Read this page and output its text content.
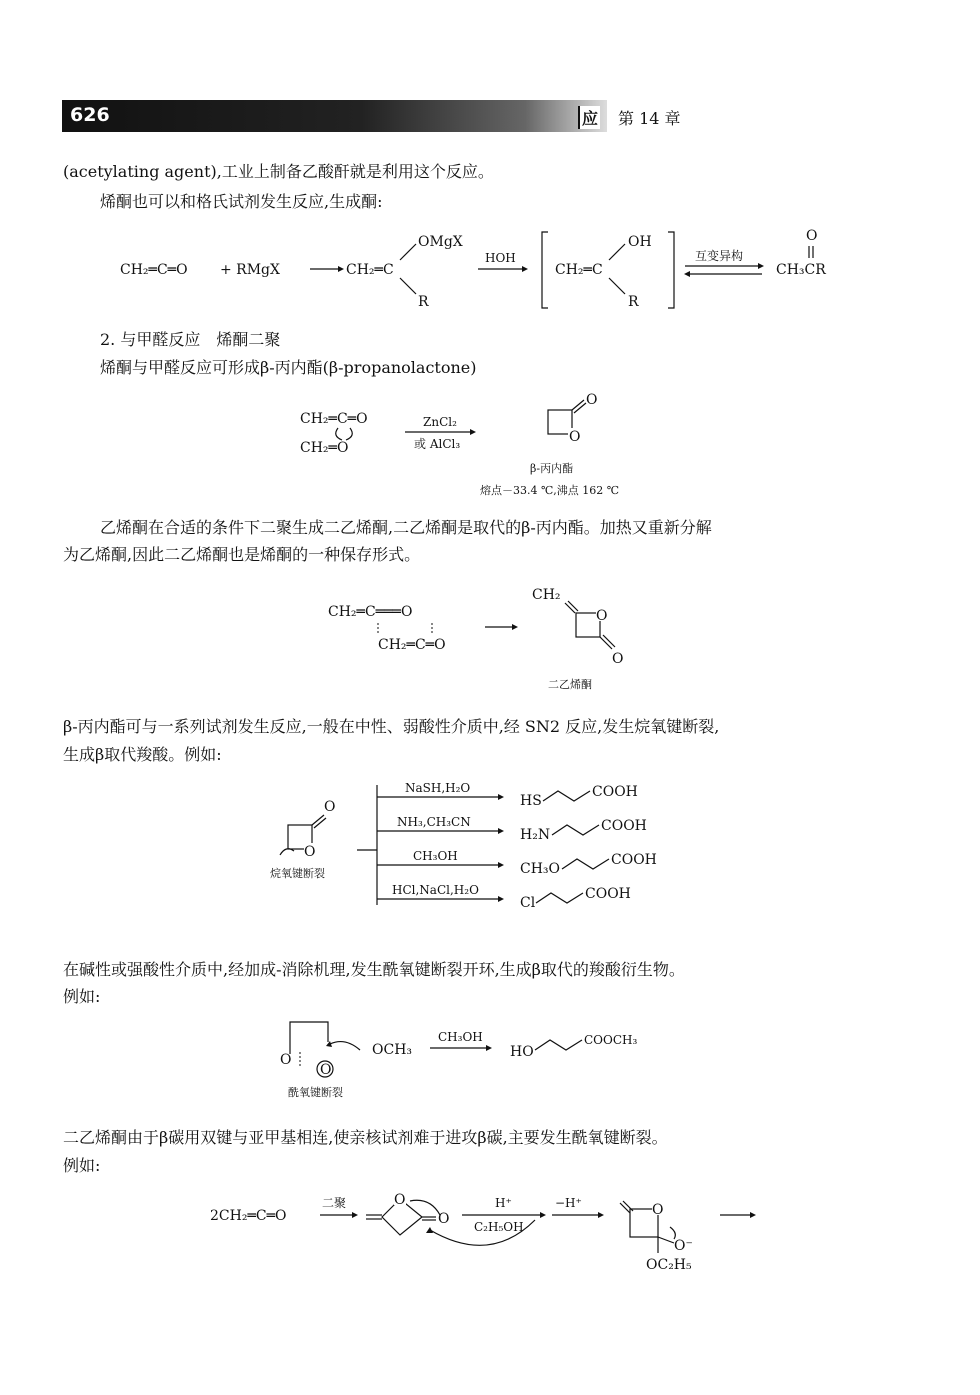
626	应 第 14 章
(acetylating agent),工业上制备乙酸酐就是利用这个反应。
烯酮也可以和格氏试剂发生反应,生成酮:
CH₂═C═O + RMgX	CH₂═C
OMgX
R
HOH
CH₂═C
OH
R
互变异构
O
CH₃CR
2. 与甲醛反应　烯酮二聚
烯酮与甲醛反应可形成β-丙内酯(β-propanolactone)
CH₂═C═O
CH₂═O
ZnCl₂
或 AlCl₃
O
O
β-丙内酯
熔点－33.4 ℃,沸点 162 ℃
乙烯酮在合适的条件下二聚生成二乙烯酮,二乙烯酮是取代的β-丙内酯。加热又重新分解
为乙烯酮,因此二乙烯酮也是烯酮的一种保存形式。
CH₂═C═══O
CH₂═C═O
CH₂
O
O
二乙烯酮
β-丙内酯可与一系列试剂发生反应,一般在中性、弱酸性介质中,经 SN2 反应,发生烷氧键断裂,
生成β取代羧酸。例如:
O
O
烷氧键断裂
NaSH,H₂O
HS
COOH
NH₃,CH₃CN
H₂N
COOH
CH₃OH
CH₃O
COOH
HCl,NaCl,H₂O
Cl
COOH
在碱性或强酸性介质中,经加成-消除机理,发生酰氧键断裂开环,生成β取代的羧酸衍生物。
例如:
O
O
OCH₃
CH₃OH
HO
COOCH₃
酰氧键断裂
二乙烯酮由于β碳用双键与亚甲基相连,使亲核试剂难于进攻β碳,主要发生酰氧键断裂。
例如:
2CH₂═C═O
二聚	O
O
H⁺
C₂H₅OH
−H⁺	O
O⁻
OC₂H₅
